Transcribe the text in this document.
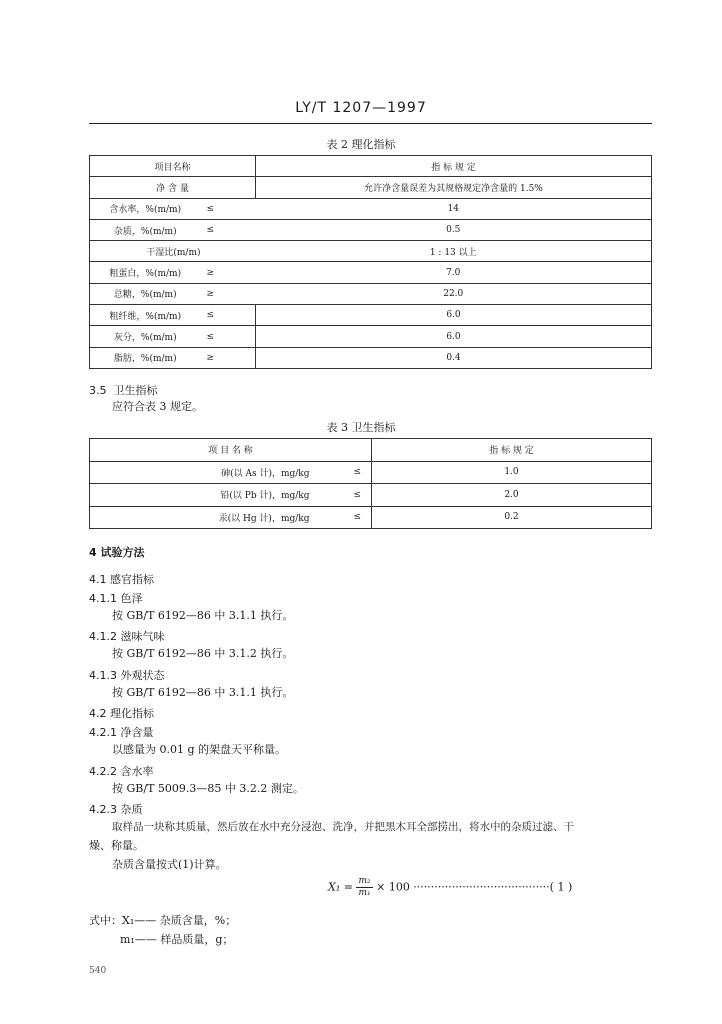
LY/T 1207—1997
表 2 理化指标
项目名称		指 标 规 定
净 含 量		允许净含量误差为其规格规定净含量的 1.5%
含水率，%(m/m)	≤	14
杂质，%(m/m)	≤	0.5
干湿比(m/m)		1 : 13 以上
粗蛋白，%(m/m)	≥	7.0
总糖，%(m/m)	≥	22.0
粗纤维，%(m/m)	≤	6.0
灰分，%(m/m)	≤	6.0
脂肪，%(m/m)	≥	0.4
3.5 卫生指标
应符合表 3 规定。
表 3 卫生指标
项 目 名 称		指 标 规 定
砷(以 As 计)，mg/kg	≤	1.0
铅(以 Pb 计)，mg/kg	≤	2.0
汞(以 Hg 计)，mg/kg	≤	0.2
4 试验方法
4.1 感官指标
4.1.1 色泽
按 GB/T 6192—86 中 3.1.1 执行。
4.1.2 滋味气味
按 GB/T 6192—86 中 3.1.2 执行。
4.1.3 外观状态
按 GB/T 6192—86 中 3.1.1 执行。
4.2 理化指标
4.2.1 净含量
以感量为 0.01 g 的架盘天平称量。
4.2.2 含水率
按 GB/T 5009.3—85 中 3.2.2 测定。
4.2.3 杂质
取样品一块称其质量，然后放在水中充分浸泡、洗净，并把黑木耳全部捞出，将水中的杂质过滤、干
燥、称量。
杂质含量按式(1)计算。
$X_1 = \frac{\text{m₂}}{\text{m₁}} \times 100$ ·······································( 1 )
式中：X₁—— 杂质含量，%；
m₁—— 样品质量，g；
540
